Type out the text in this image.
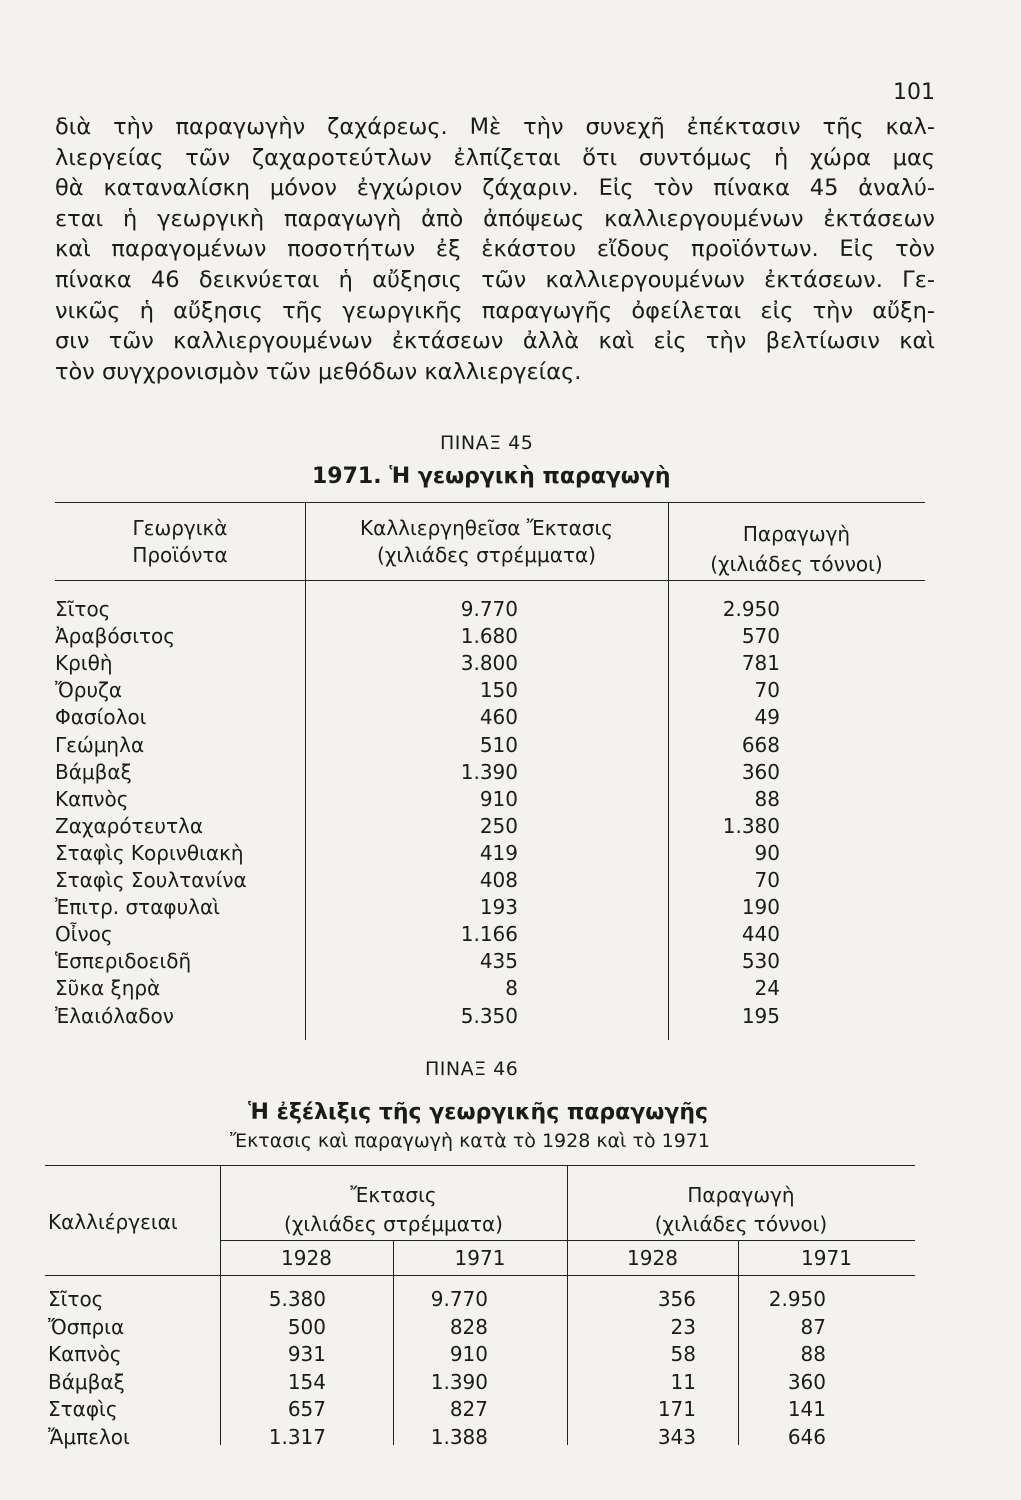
101
διὰ τὴν παραγωγὴν ζαχάρεως. Μὲ τὴν συνεχῆ ἐπέκτασιν τῆς καλ-
λιεργείας τῶν ζαχαροτεύτλων ἐλπίζεται ὅτι συντόμως ἡ χώρα μας
θὰ καταναλίσκη μόνον ἐγχώριον ζάχαριν. Εἰς τὸν πίνακα 45 ἀναλύ-
εται ἡ γεωργικὴ παραγωγὴ ἀπὸ ἀπόψεως καλλιεργουμένων ἐκτάσεων
καὶ παραγομένων ποσοτήτων ἐξ ἑκάστου εἴδους προϊόντων. Εἰς τὸν
πίνακα 46 δεικνύεται ἡ αὔξησις τῶν καλλιεργουμένων ἐκτάσεων. Γε-
νικῶς ἡ αὔξησις τῆς γεωργικῆς παραγωγῆς ὀφείλεται εἰς τὴν αὔξη-
σιν τῶν καλλιεργουμένων ἐκτάσεων ἀλλὰ καὶ εἰς τὴν βελτίωσιν καὶ
τὸν συγχρονισμὸν τῶν μεθόδων καλλιεργείας.
ΠΙΝΑΞ 45
1971. Ἡ γεωργικὴ παραγωγὴ
Γεωργικὰ
Προϊόντα
Καλλιεργηθεῖσα Ἔκτασις
(χιλιάδες στρέμματα)
Παραγωγὴ
(χιλιάδες τόννοι)
Σῖτος	9.770	2.950
Ἀραβόσιτος	1.680	570
Κριθὴ	3.800	781
Ὄρυζα	150	70
Φασίολοι	460	49
Γεώμηλα	510	668
Βάμβαξ	1.390	360
Καπνὸς	910	88
Ζαχαρότευτλα	250	1.380
Σταφὶς Κορινθιακὴ	419	90
Σταφὶς Σουλτανίνα	408	70
Ἐπιτρ. σταφυλαὶ	193	190
Οἶνος	1.166	440
Ἑσπεριδοειδῆ	435	530
Σῦκα ξηρὰ	8	24
Ἐλαιόλαδον	5.350	195
ΠΙΝΑΞ 46
Ἡ ἐξέλιξις τῆς γεωργικῆς παραγωγῆς
Ἔκτασις καὶ παραγωγὴ κατὰ τὸ 1928 καὶ τὸ 1971
Καλλιέργειαι
Ἔκτασις
(χιλιάδες στρέμματα)
Παραγωγὴ
(χιλιάδες τόννοι)
1928	1971	1928	1971
Σῖτος	5.380	9.770	356	2.950
Ὄσπρια	500	828	23	87
Καπνὸς	931	910	58	88
Βάμβαξ	154	1.390	11	360
Σταφὶς	657	827	171	141
Ἄμπελοι	1.317	1.388	343	646
